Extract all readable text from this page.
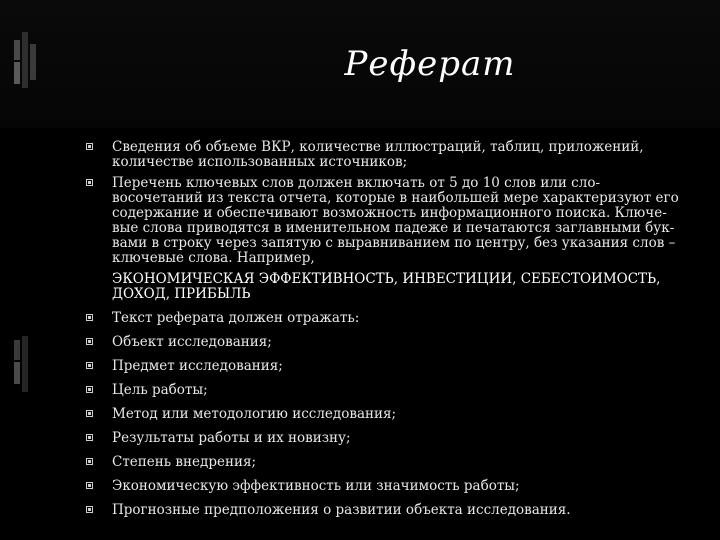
Реферат
Сведения об объеме ВКР, количестве иллюстраций, таблиц, приложений, количестве использованных источников;
Перечень ключевых слов должен включать от 5 до 10 слов или сло-восочетаний из текста отчета, которые в наибольшей мере характеризуют его содержание и обеспечивают возможность информационного поиска. Ключе-вые слова приводятся в именительном падеже и печатаются заглавными бук-вами в строку через запятую с выравниванием по центру, без указания слов – ключевые слова. Например,
ЭКОНОМИЧЕСКАЯ ЭФФЕКТИВНОСТЬ, ИНВЕСТИЦИИ, СЕБЕСТОИМОСТЬ, ДОХОД, ПРИБЫЛЬ
Текст реферата должен отражать:
Объект исследования;
Предмет исследования;
Цель работы;
Метод или методологию исследования;
Результаты работы и их новизну;
Степень внедрения;
Экономическую эффективность или значимость работы;
Прогнозные предположения о развитии объекта исследования.
